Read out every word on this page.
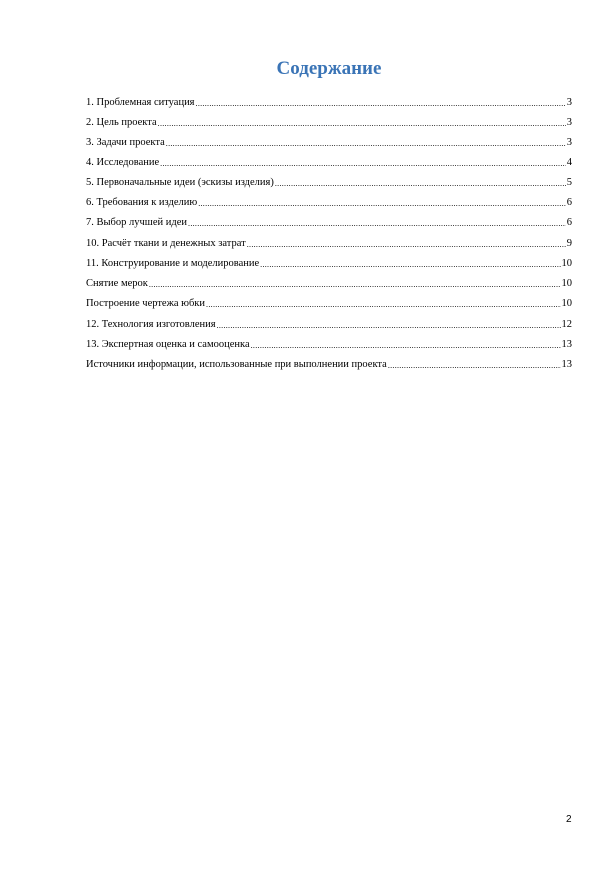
Содержание
1. Проблемная ситуация .....	3
2. Цель проекта .....	3
3. Задачи проекта .....	3
4. Исследование .....	4
5. Первоначальные идеи (эскизы изделия) .....	5
6. Требования к изделию .....	6
7. Выбор лучшей идеи .....	6
10. Расчёт ткани и денежных затрат .....	9
11. Конструирование и моделирование .....	10
Снятие мерок .....	10
Построение чертежа юбки .....	10
12. Технология изготовления .....	12
13. Экспертная оценка и самооценка .....	13
Источники информации, использованные при выполнении проекта .....	13
2
